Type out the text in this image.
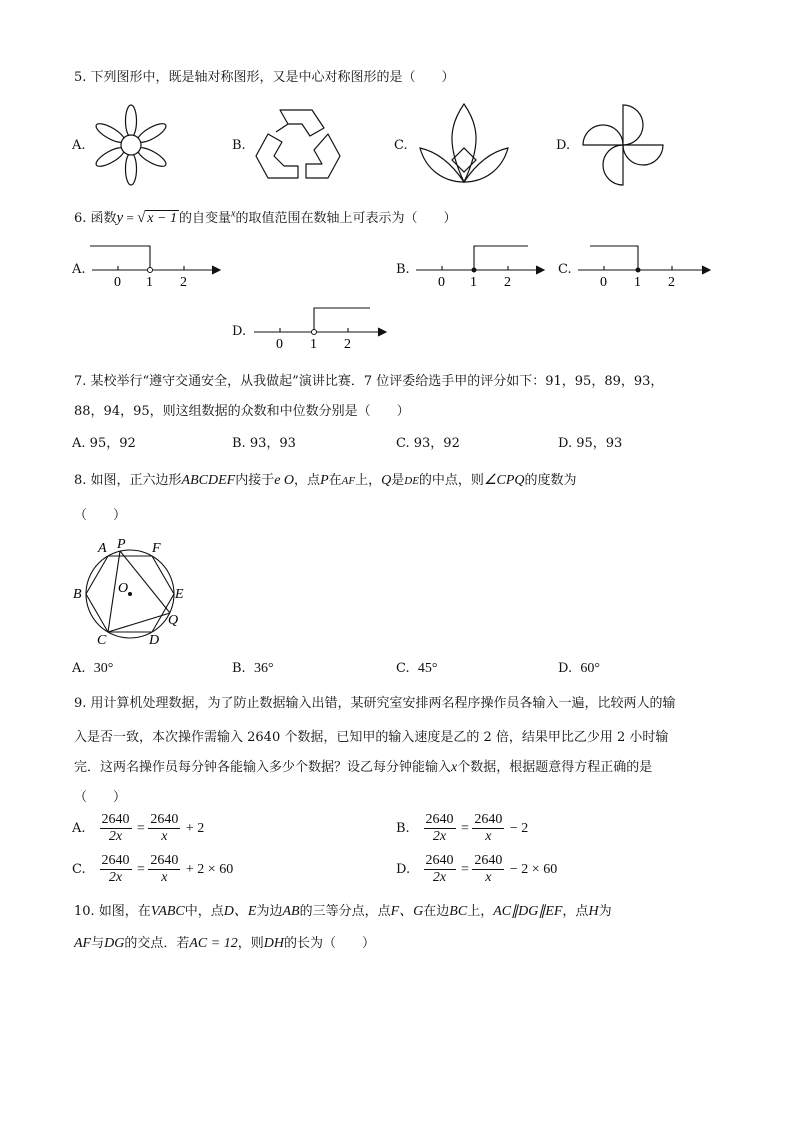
5. 下列图形中，既是轴对称图形，又是中心对称图形的是（　　）
A.	B.	C.	D.
6. 函数y = √ x − 1 的自变量$^x$的取值范围在数轴上可表示为（　　）
A.
0 1 2
B.
0 1 2
C.
0 1 2
D.
0 1 2
7. 某校举行“遵守交通安全，从我做起”演讲比赛．7 位评委给选手甲的评分如下：91，95，89，93，
88，94，95，则这组数据的众数和中位数分别是（　　）
A. 95，92	B. 93，93	C. 93，92	D. 95，93
8. 如图，正六边形ABCDEF内接于e O，点P在AF上，Q是DE的中点，则∠CPQ的度数为
（　　）
A P F
B	O	E
Q
C	D
A. 30°	B. 36°	C. 45°	D. 60°
9. 用计算机处理数据，为了防止数据输入出错，某研究室安排两名程序操作员各输入一遍，比较两人的输
入是否一致，本次操作需输入 2640 个数据，已知甲的输入速度是乙的 2 倍，结果甲比乙少用 2 小时输
完．这两名操作员每分钟各能输入多少个数据？设乙每分钟能输入x个数据，根据题意得方程正确的是
（　　）
A. $\frac{2640}{2x} = \frac{2640}{x} + 2$	B. $\frac{2640}{2x} = \frac{2640}{x} - 2$
C. $\frac{2640}{2x} = \frac{2640}{x} + 2 \times 60$	D. $\frac{2640}{2x} = \frac{2640}{x} - 2 \times 60$
10. 如图，在VABC中，点D、E为边AB的三等分点，点F、G在边BC上，AC∥DG∥EF，点H为
AF与DG的交点．若AC = 12，则DH的长为（　　）
